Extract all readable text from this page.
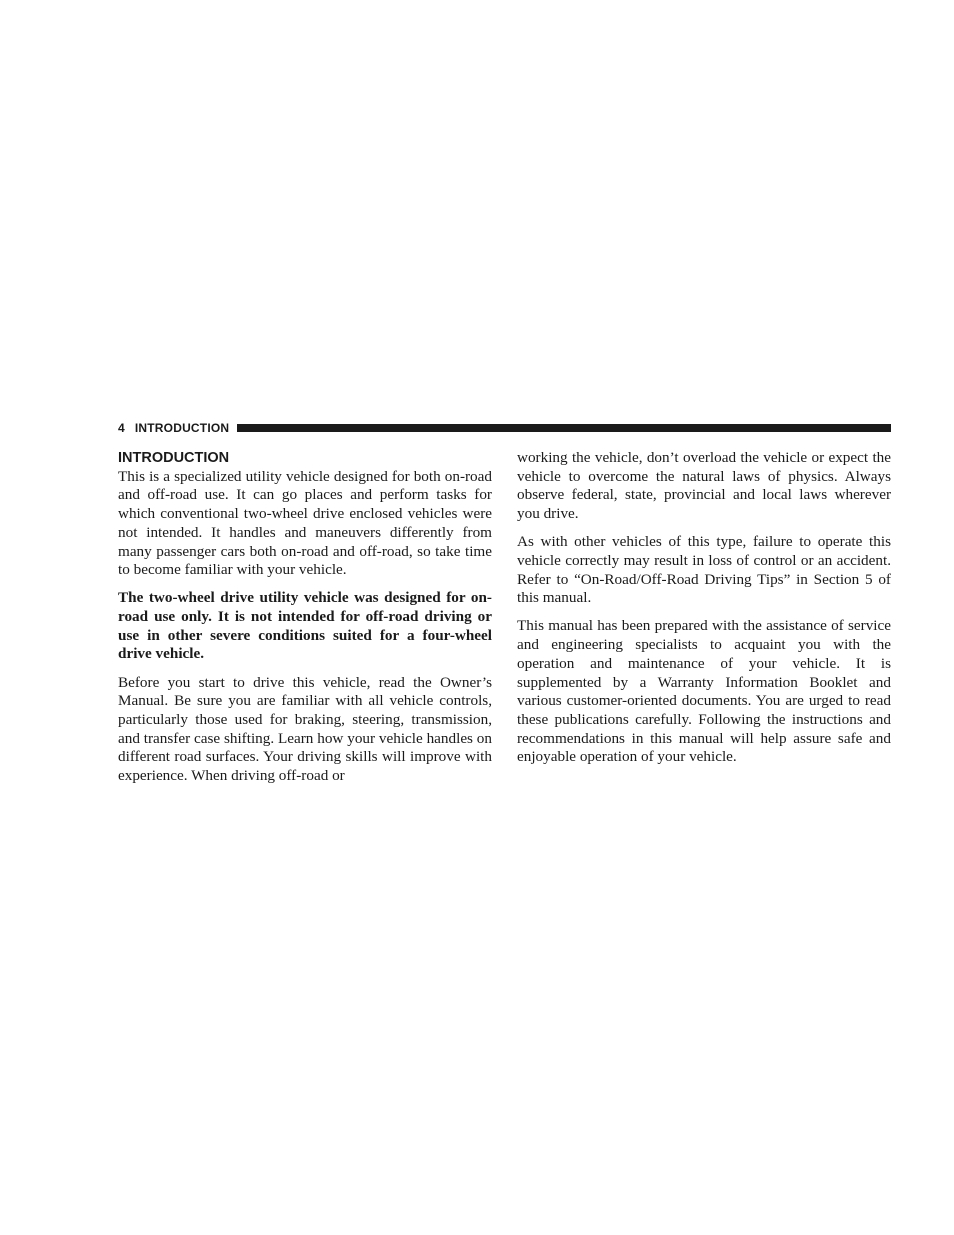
4 INTRODUCTION
INTRODUCTION

This is a specialized utility vehicle designed for both on-road and off-road use. It can go places and perform tasks for which conventional two-wheel drive enclosed vehicles were not intended. It handles and maneuvers differently from many passenger cars both on-road and off-road, so take time to become familiar with your vehicle.

The two-wheel drive utility vehicle was designed for on-road use only. It is not intended for off-road driving or use in other severe conditions suited for a four-wheel drive vehicle.

Before you start to drive this vehicle, read the Owner’s Manual. Be sure you are familiar with all vehicle controls, particularly those used for braking, steering, transmission, and transfer case shifting. Learn how your vehicle handles on different road surfaces. Your driving skills will improve with experience. When driving off-road or

working the vehicle, don’t overload the vehicle or expect the vehicle to overcome the natural laws of physics. Always observe federal, state, provincial and local laws wherever you drive.

As with other vehicles of this type, failure to operate this vehicle correctly may result in loss of control or an accident. Refer to “On-Road/Off-Road Driving Tips” in Section 5 of this manual.

This manual has been prepared with the assistance of service and engineering specialists to acquaint you with the operation and maintenance of your vehicle. It is supplemented by a Warranty Information Booklet and various customer-oriented documents. You are urged to read these publications carefully. Following the instructions and recommendations in this manual will help assure safe and enjoyable operation of your vehicle.
